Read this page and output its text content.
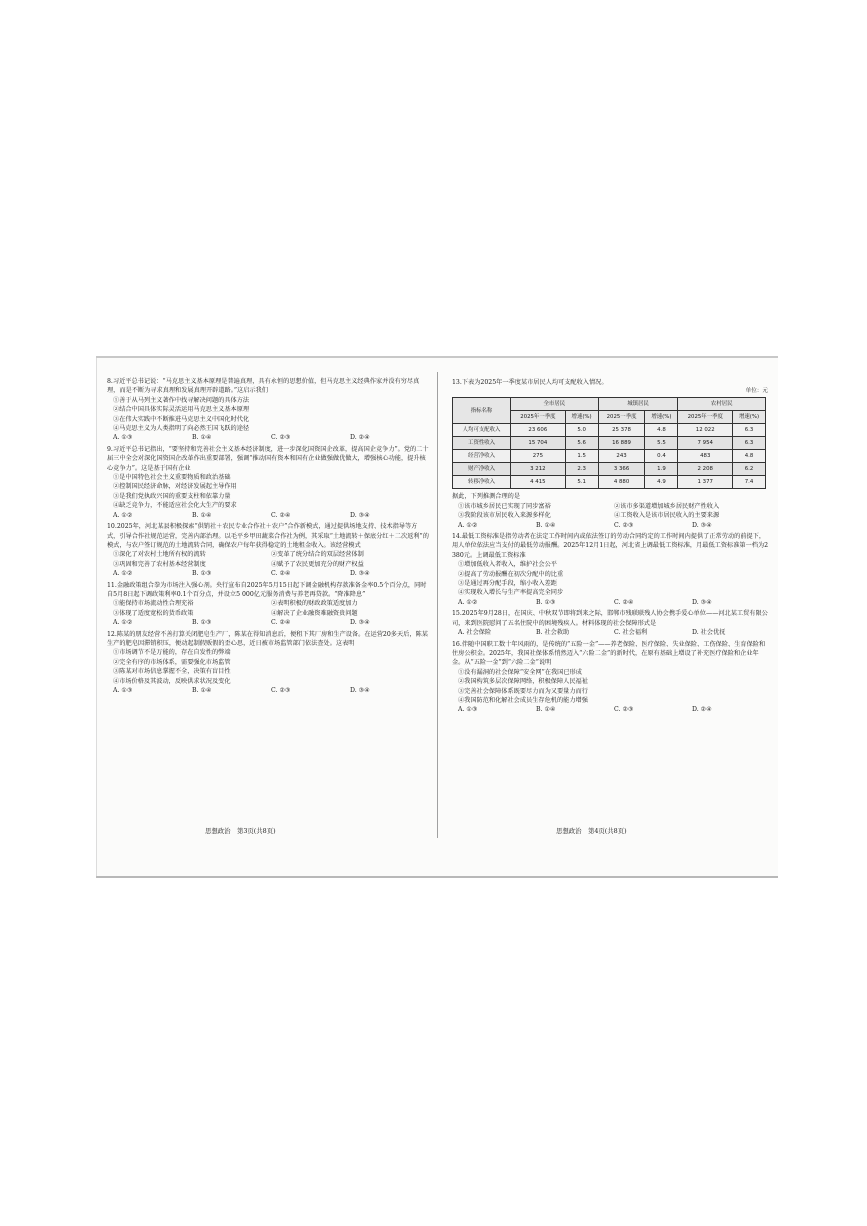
8.习近平总书记说：“马克思主义基本原理是普遍真理，具有永恒的思想价值，但马克思主义经典作家并没有穷尽真理，而是不断为寻求真理和发展真理开辟道路。”这启示我们
①善于从马列主义著作中找寻解决问题的具体方法
②结合中国具体实际灵活运用马克思主义基本原理
③在伟大实践中不断推进马克思主义中国化时代化
④马克思主义为人类指明了向必然王国飞跃的途径
A. ①③	B. ①④	C. ②③	D. ②④
9.习近平总书记指出，“要坚持和完善社会主义基本经济制度，进一步深化国资国企改革，提高国企竞争力”。党的二十届三中全会对深化国资国企改革作出重要部署，强调“推动国有资本和国有企业做强做优做大，增强核心功能，提升核心竞争力”。这是基于国有企业
①是中国特色社会主义重要物质和政治基础
②控制国民经济命脉，对经济发展起主导作用
③是我们党执政兴国的重要支柱和依靠力量
④缺乏竞争力，不能适应社会化大生产的要求
A. ①②	B. ①④	C. ②④	D. ③④
10.2025年，河北某县积极探索“供销社＋农民专业合作社＋农户”合作新模式，通过提供场地支持、技术指导等方式，引导合作社规范运营，完善内部治理。以毛平乡甲田蔬菜合作社为例，其采取“土地流转＋保底分红＋二次返利”的模式，与农户签订规范的土地流转合同，确保农户每年获得稳定的土地租金收入。该经营模式
①深化了对农村土地所有权的流转	②变革了统分结合的双层经营体制
③巩固和完善了农村基本经营制度	④赋予了农民更加充分的财产权益
A. ①②	B. ①③	C. ②④	D. ③④
11.金融政策组合拳为市场注入强心剂。央行宣布自2025年5月15日起下调金融机构存款准备金率0.5个百分点，同时自5月8日起下调政策利率0.1个百分点，并设立5 000亿元服务消费与养老再贷款。“降准降息”
①能保持市场流动性合理充裕	②表明积极的财政政策适度加力
③体现了适度宽松的货币政策	④解决了企业融资难融资贵问题
A. ①②	B. ①③	C. ②④	D. ③④
12.陈某的朋友经营不善打算关闭肥皂生产厂，陈某在得知消息后，便租下其厂房和生产设备。在运营20多天后，陈某生产的肥皂因滞销积压，便动起制假贩假的歪心思，近日被市场监管部门依法查处。这表明
①市场调节不是万能的，存在自发性的弊端
②完全有序的市场体系，需要强化市场监管
③陈某对市场信息掌握不全，决策有盲目性
④市场价格及其波动，反映供求状况及变化
A. ①③	B. ①④	C. ②③	D. ③④
思想政治　第3页(共8页)
13.下表为2025年一季度某市居民人均可支配收入情况。
单位：元
指标名称	全市居民		城镇居民		农村居民	
	2025年一季度	增速(%)	2025一季度	增速(%)	2025年一季度	增速(%)
人均可支配收入	23 606	5.0	25 378	4.8	12 022	6.3
工资性收入	15 704	5.6	16 889	5.5	7 954	6.3
经营净收入	275	1.5	243	0.4	483	4.8
财产净收入	3 212	2.3	3 366	1.9	2 208	6.2
转移净收入	4 415	5.1	4 880	4.9	1 377	7.4
据此，下列推测合理的是
①该市城乡居民已实现了同步富裕	②该市多渠道增加城乡居民财产性收入
③我阶段该市居民收入来源多样化	④工资收入是该市居民收入的主要来源
A. ①②	B. ①④	C. ②③	D. ③④
14.最低工资标准是指劳动者在法定工作时间内或依法签订的劳动合同约定的工作时间内提供了正常劳动的前提下，用人单位依法应当支付的最低劳动报酬。2025年12月1日起，河北省上调最低工资标准，月最低工资标准第一档为2 380元。上调最低工资标准
①增加低收入者收入，维护社会公平
②提高了劳动报酬在初次分配中的比重
③是通过再分配手段，缩小收入差距
④实现收入增长与生产率提高完全同步
A. ①②	B. ①③	C. ②④	D. ③④
15.2025年9月28日，在国庆、中秋双节即将到来之际，邯郸市残联联残人协会携手爱心单位——河北某工贸有限公司，来到医院慰问了五名住院中的困境残疾人。材料体现的社会保障形式是
A. 社会保险	B. 社会救助	C. 社会福利	D. 社会优抚
16.伴随中国职工数十年风雨的，是传统的“五险一金”——养老保险、医疗保险、失业保险、工伤保险、生育保险和住房公积金。2025年，我国社保体系悄然迈入“六险二金”的新时代，在原有基础上增设了补充医疗保险和企业年金。从“五险一金”到“六险二金”说明
①没有漏洞的社会保障“安全网”在我国已形成
②我国构筑多层次保障网络，积极保障人民福祉
③完善社会保障体系既要尽力而为又要量力而行
④我国防范和化解社会成员生存危机的能力增强
A. ①③	B. ①④	C. ②③	D. ②④
思想政治　第4页(共8页)
